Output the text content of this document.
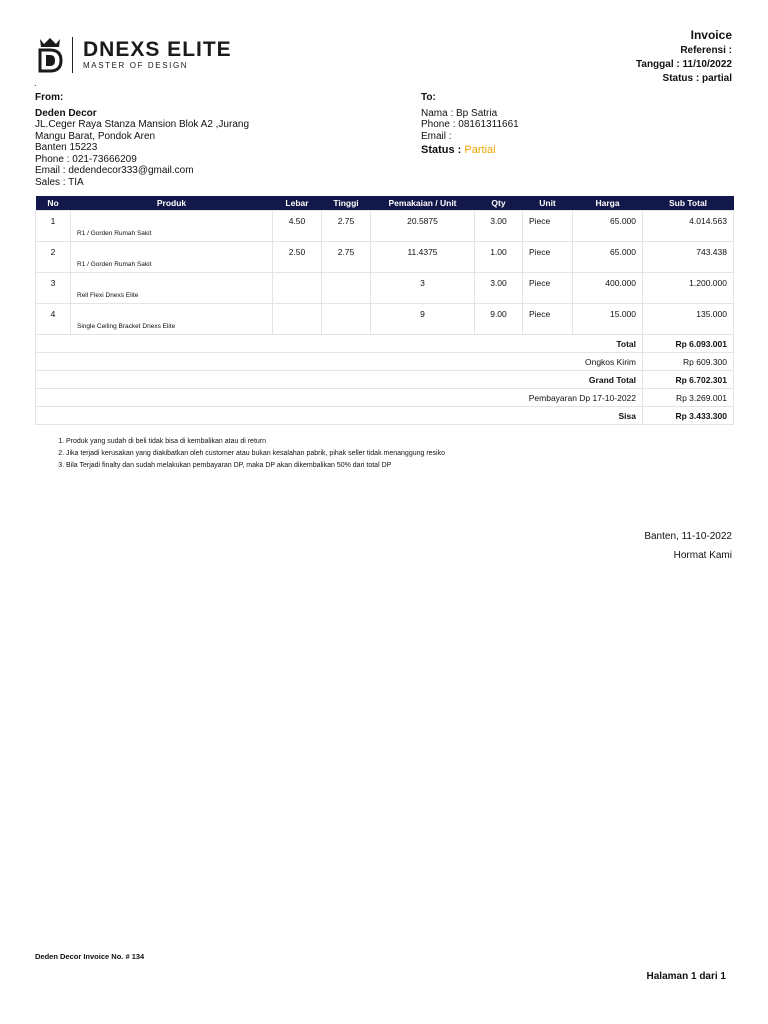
DNEXS ELITE
MASTER OF DESIGN
Invoice
Referensi :
Tanggal : 11/10/2022
Status : partial
.
From:
Deden Decor
JL.Ceger Raya Stanza Mansion Blok A2 ,Jurang
Mangu Barat, Pondok Aren
Banten 15223
Phone : 021-73666209
Email : dedendecor333@gmail.com
Sales : TIA
To:
Nama : Bp Satria
Phone : 08161311661
Email :
Status : Partial
No	Produk	Lebar	Tinggi	Pemakaian / Unit	Qty	Unit	Harga	Sub Total
1	R1 / Gorden Rumah Sakit	4.50	2.75	20.5875	3.00	Piece	65.000	4.014.563
2	R1 / Gorden Rumah Sakit	2.50	2.75	11.4375	1.00	Piece	65.000	743.438
3	Rell Flexi Dnexs Elite			3	3.00	Piece	400.000	1.200.000
4	Single Ceiling Bracket Dnexs Elite			9	9.00	Piece	15.000	135.000
Total	Rp 6.093.001
Ongkos Kirim	Rp 609.300
Grand Total	Rp 6.702.301
Pembayaran Dp 17-10-2022	Rp 3.269.001
Sisa	Rp 3.433.300
1. Produk yang sudah di beli tidak bisa di kembalikan atau di return
2. Jika terjadi kerusakan yang diakibatkan oleh customer atau bukan kesalahan pabrik, pihak seller tidak menanggung resiko
3. Bila Terjadi finalty dan sudah melakukan pembayaran DP, maka DP akan dikembalikan 50% dari total DP
Banten, 11-10-2022
Hormat Kami
Deden Decor Invoice No. # 134
Halaman 1 dari 1
